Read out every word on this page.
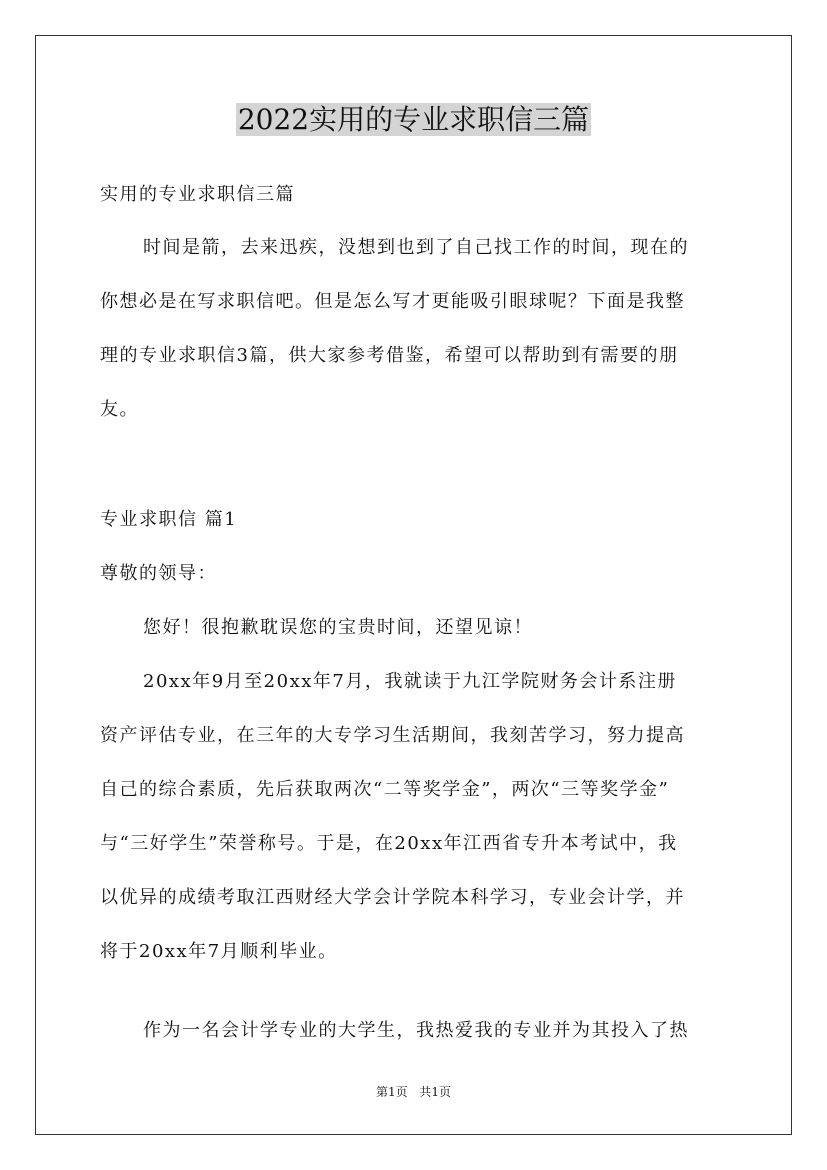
2022实用的专业求职信三篇
实用的专业求职信三篇
时间是箭，去来迅疾，没想到也到了自己找工作的时间，现在的
你想必是在写求职信吧。但是怎么写才更能吸引眼球呢？下面是我整
理的专业求职信3篇，供大家参考借鉴，希望可以帮助到有需要的朋
友。
专业求职信 篇1
尊敬的领导：
您好！很抱歉耽误您的宝贵时间，还望见谅！
20xx年9月至20xx年7月，我就读于九江学院财务会计系注册
资产评估专业，在三年的大专学习生活期间，我刻苦学习，努力提高
自己的综合素质，先后获取两次“二等奖学金”，两次“三等奖学金”
与“三好学生”荣誉称号。于是，在20xx年江西省专升本考试中，我
以优异的成绩考取江西财经大学会计学院本科学习，专业会计学，并
将于20xx年7月顺利毕业。
作为一名会计学专业的大学生，我热爱我的专业并为其投入了热
第1页 共1页
